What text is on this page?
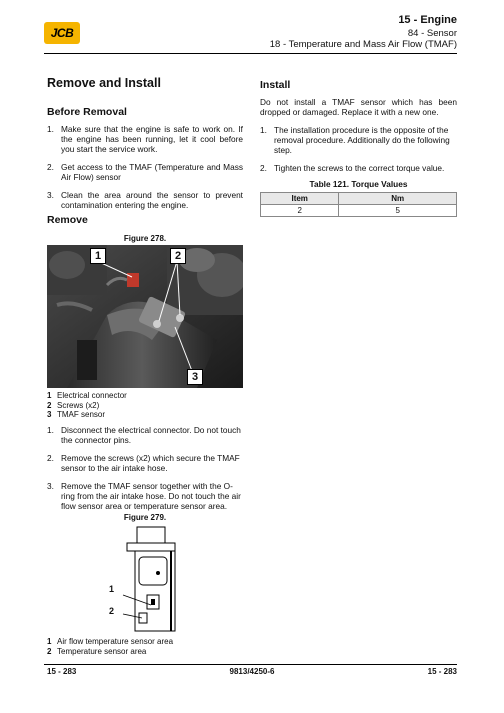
JCB
15 - Engine
84 - Sensor
18 - Temperature and Mass Air Flow (TMAF)
Remove and Install
Before Removal
1. Make sure that the engine is safe to work on. If the engine has been running, let it cool before you start the service work.
2. Get access to the TMAF (Temperature and Mass Air Flow) sensor
3. Clean the area around the sensor to prevent contamination entering the engine.
Remove
Figure 278.
1	2
3
1 Electrical connector
2 Screws (x2)
3 TMAF sensor
1. Disconnect the electrical connector. Do not touch the connector pins.
2. Remove the screws (x2) which secure the TMAF sensor to the air intake hose.
3. Remove the TMAF sensor together with the O-ring from the air intake hose. Do not touch the air flow sensor area or temperature sensor area.
Figure 279.
1
2
1 Air flow temperature sensor area
2 Temperature sensor area
Install

Do not install a TMAF sensor which has been dropped or damaged. Replace it with a new one.

1. The installation procedure is the opposite of the removal procedure. Additionally do the following step.
2. Tighten the screws to the correct torque value.
Table 121. Torque Values
Item	Nm
2	5
15 - 283	9813/4250-6	15 - 283
